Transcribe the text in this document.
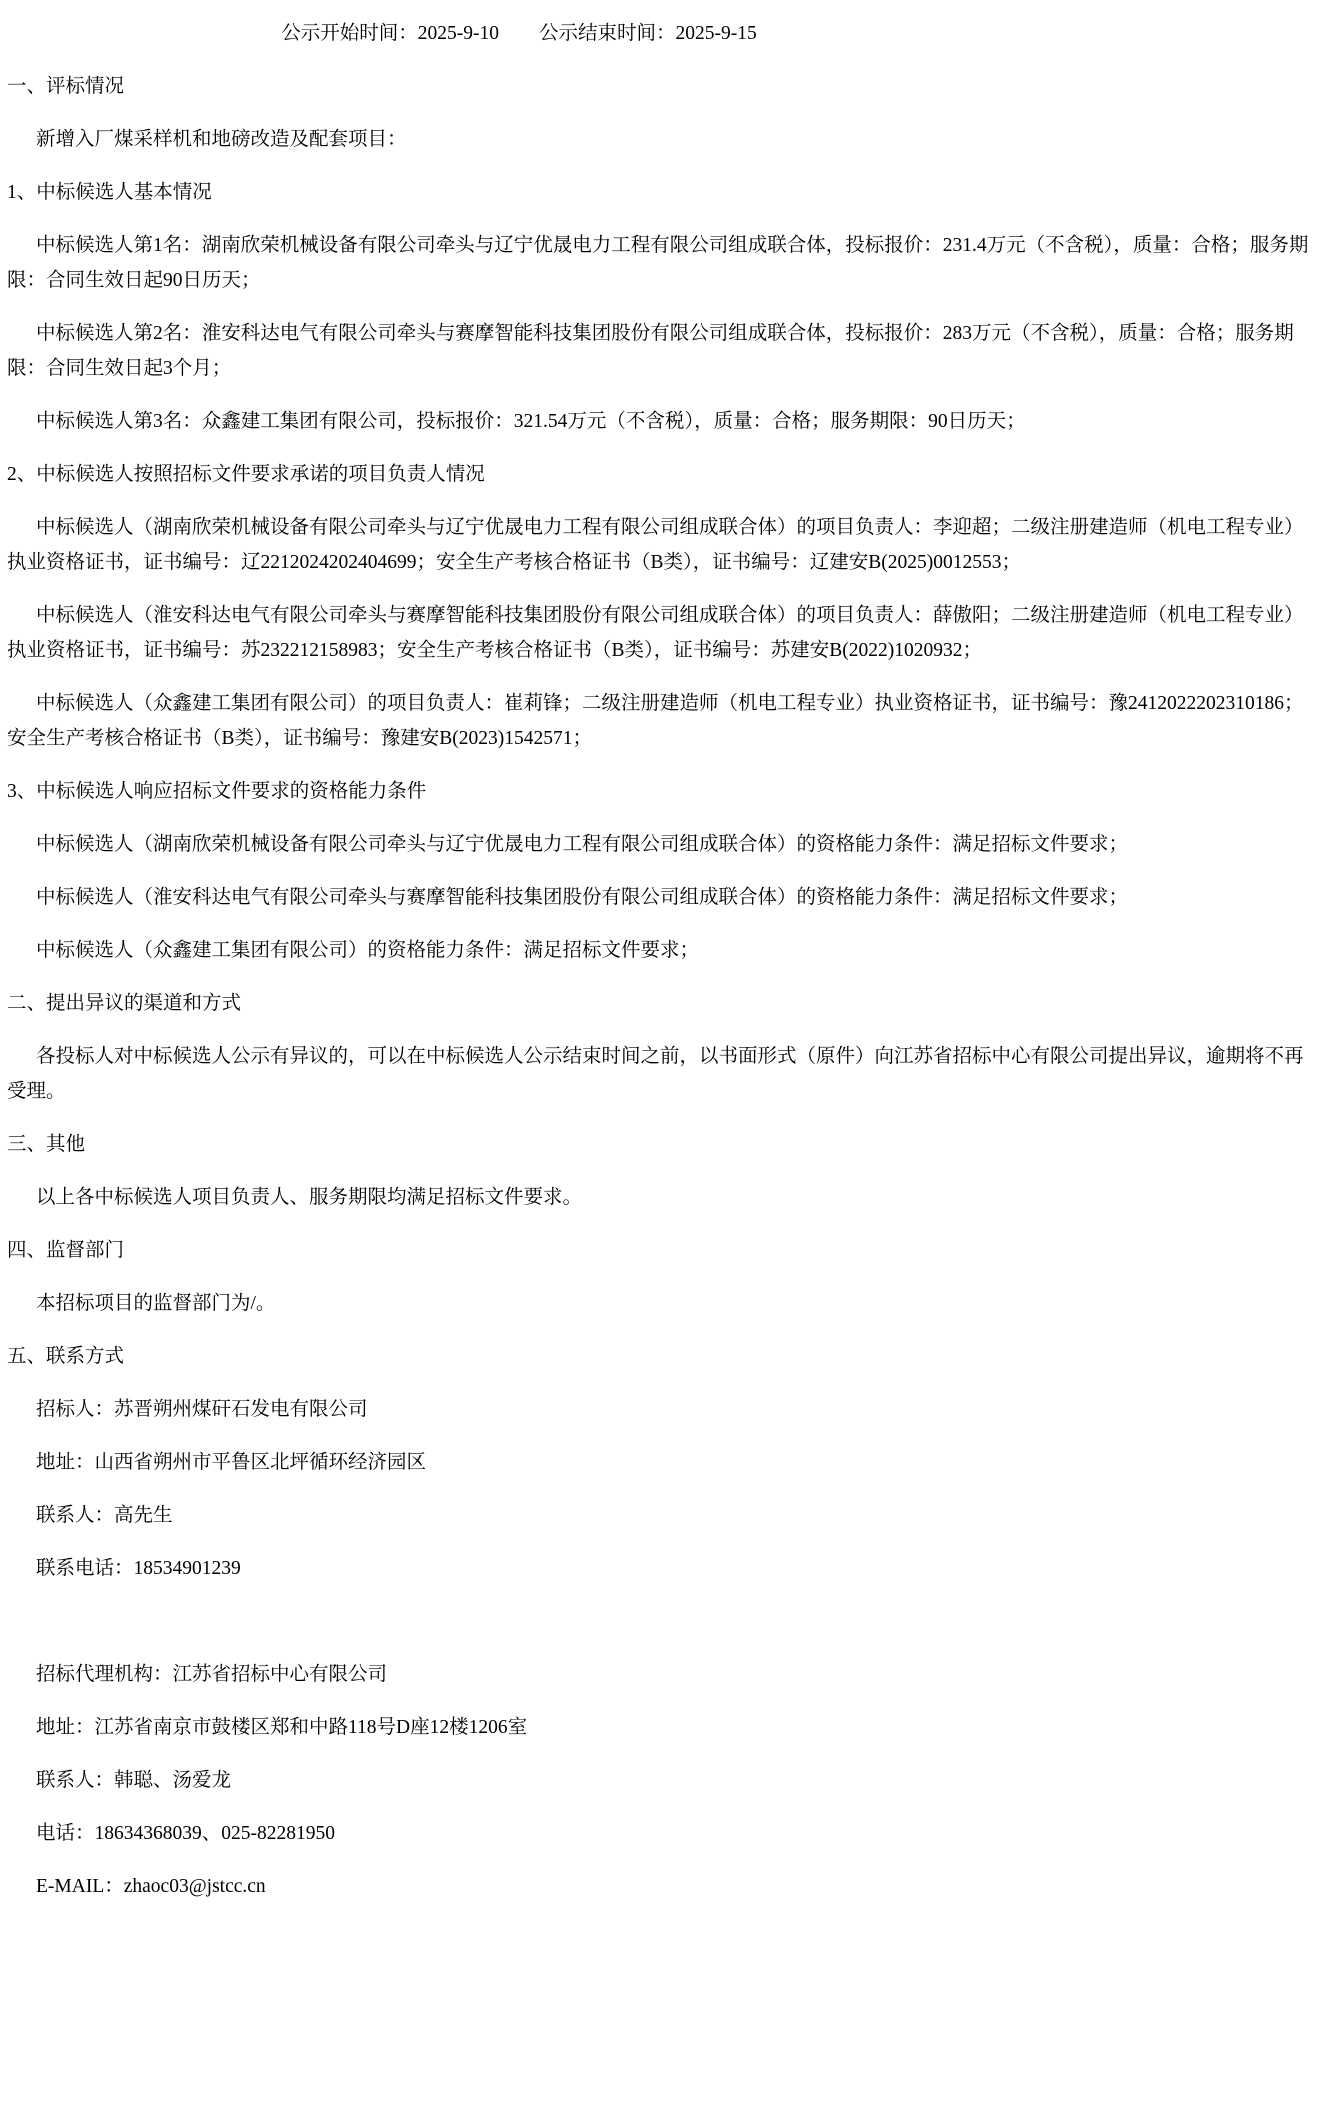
公示开始时间：2025-9-10 公示结束时间：2025-9-15

一、评标情况

新增入厂煤采样机和地磅改造及配套项目：

1、中标候选人基本情况

中标候选人第1名：湖南欣荣机械设备有限公司牵头与辽宁优晟电力工程有限公司组成联合体，投标报价：231.4万元（不含税），质量：合格；服务期限：合同生效日起90日历天；

中标候选人第2名：淮安科达电气有限公司牵头与赛摩智能科技集团股份有限公司组成联合体，投标报价：283万元（不含税），质量：合格；服务期限：合同生效日起3个月；

中标候选人第3名：众鑫建工集团有限公司，投标报价：321.54万元（不含税），质量：合格；服务期限：90日历天；

2、中标候选人按照招标文件要求承诺的项目负责人情况

中标候选人（湖南欣荣机械设备有限公司牵头与辽宁优晟电力工程有限公司组成联合体）的项目负责人：李迎超；二级注册建造师（机电工程专业）执业资格证书，证书编号：辽2212024202404699；安全生产考核合格证书（B类），证书编号：辽建安B(2025)0012553；

中标候选人（淮安科达电气有限公司牵头与赛摩智能科技集团股份有限公司组成联合体）的项目负责人：薛傲阳；二级注册建造师（机电工程专业）执业资格证书，证书编号：苏232212158983；安全生产考核合格证书（B类），证书编号：苏建安B(2022)1020932；

中标候选人（众鑫建工集团有限公司）的项目负责人：崔莉锋；二级注册建造师（机电工程专业）执业资格证书，证书编号：豫2412022202310186；安全生产考核合格证书（B类），证书编号：豫建安B(2023)1542571；

3、中标候选人响应招标文件要求的资格能力条件

中标候选人（湖南欣荣机械设备有限公司牵头与辽宁优晟电力工程有限公司组成联合体）的资格能力条件：满足招标文件要求；

中标候选人（淮安科达电气有限公司牵头与赛摩智能科技集团股份有限公司组成联合体）的资格能力条件：满足招标文件要求；

中标候选人（众鑫建工集团有限公司）的资格能力条件：满足招标文件要求；

二、提出异议的渠道和方式

各投标人对中标候选人公示有异议的，可以在中标候选人公示结束时间之前，以书面形式（原件）向江苏省招标中心有限公司提出异议，逾期将不再受理。

三、其他

以上各中标候选人项目负责人、服务期限均满足招标文件要求。

四、监督部门

本招标项目的监督部门为/。

五、联系方式

招标人：苏晋朔州煤矸石发电有限公司

地址：山西省朔州市平鲁区北坪循环经济园区

联系人：高先生

联系电话：18534901239

招标代理机构：江苏省招标中心有限公司

地址：江苏省南京市鼓楼区郑和中路118号D座12楼1206室

联系人：韩聪、汤爱龙

电话：18634368039、025-82281950

E-MAIL：zhaoc03@jstcc.cn
